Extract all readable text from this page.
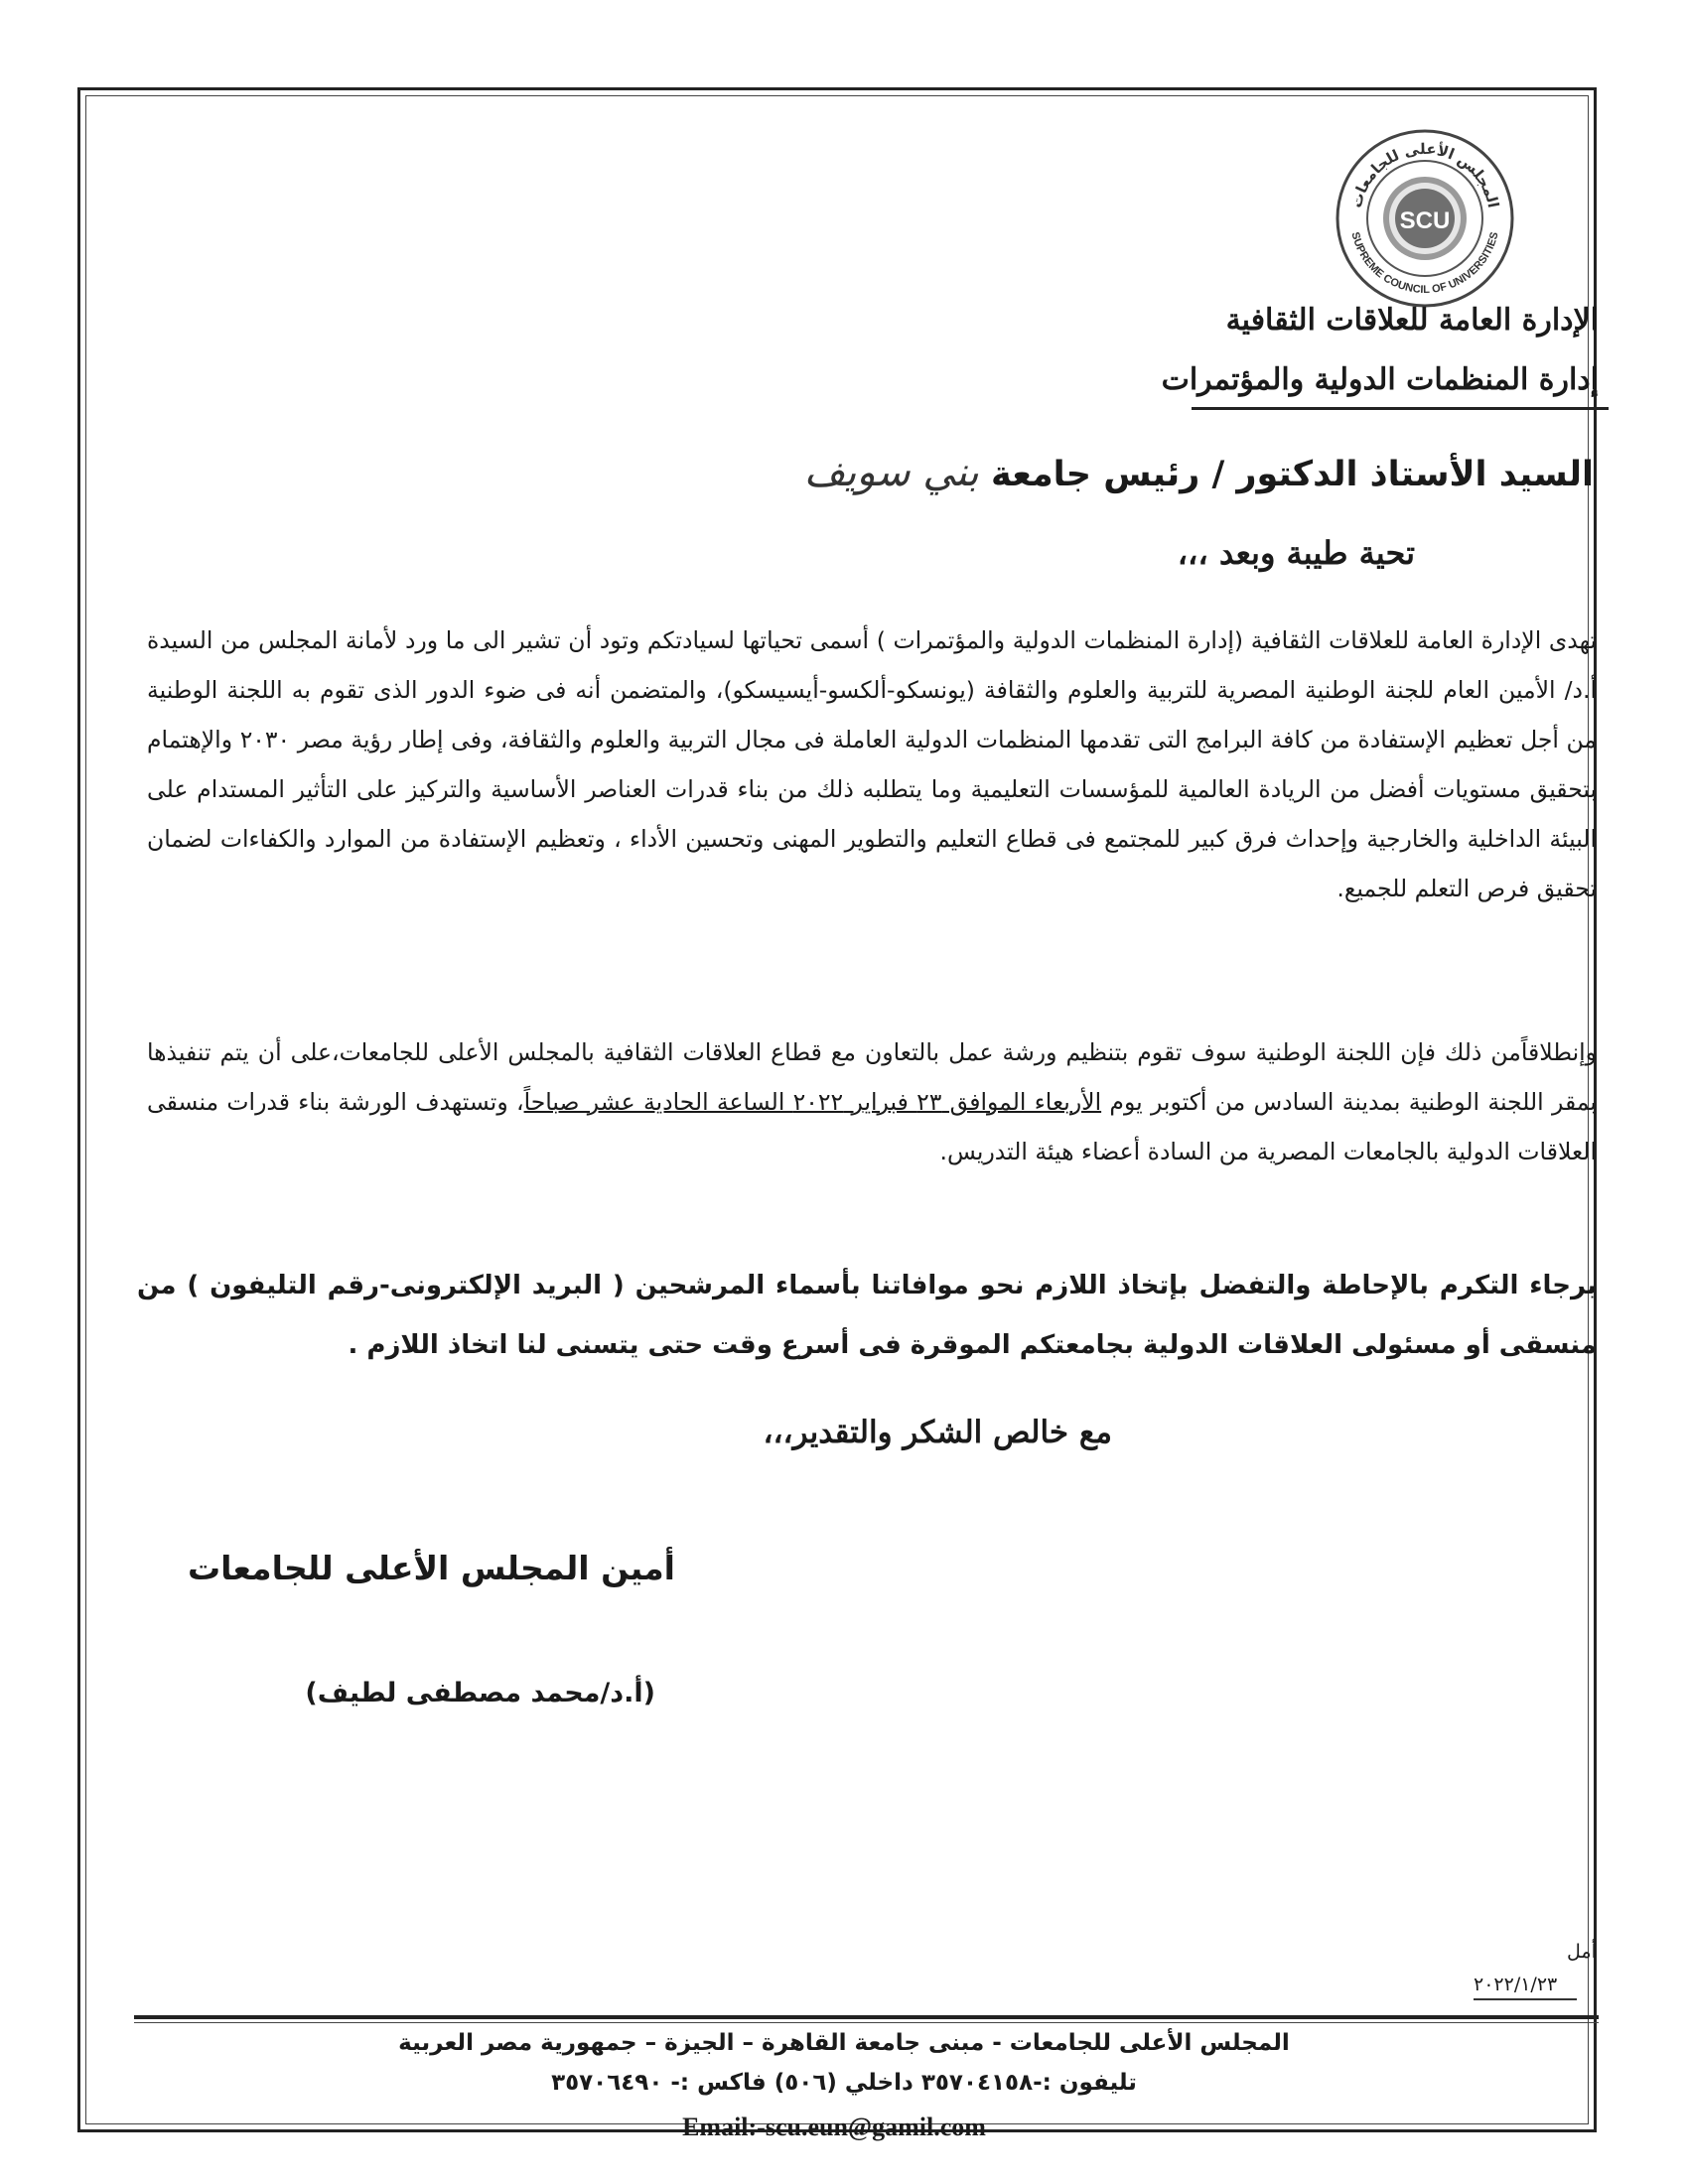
SCU
المجلس الأعلى للجامعات
SUPREME COUNCIL OF UNIVERSITIES
الإدارة العامة للعلاقات الثقافية
إدارة المنظمات الدولية والمؤتمرات
السيد الأستاذ الدكتور / رئيس جامعة بني سويف
تحية طيبة وبعد ،،،
تهدى الإدارة العامة للعلاقات الثقافية (إدارة المنظمات الدولية والمؤتمرات ) أسمى تحياتها لسيادتكم وتود أن تشير الى ما ورد لأمانة المجلس من السيدة أ.د/ الأمين العام للجنة الوطنية المصرية للتربية والعلوم والثقافة (يونسكو-ألكسو-أيسيسكو)، والمتضمن أنه فى ضوء الدور الذى تقوم به اللجنة الوطنية من أجل تعظيم الإستفادة من كافة البرامج التى تقدمها المنظمات الدولية العاملة فى مجال التربية والعلوم والثقافة، وفى إطار رؤية مصر ٢٠٣٠ والإهتمام بتحقيق مستويات أفضل من الريادة العالمية للمؤسسات التعليمية وما يتطلبه ذلك من بناء قدرات العناصر الأساسية والتركيز على التأثير المستدام على البيئة الداخلية والخارجية وإحداث فرق كبير للمجتمع فى قطاع التعليم والتطوير المهنى وتحسين الأداء ، وتعظيم الإستفادة من الموارد والكفاءات لضمان تحقيق فرص التعلم للجميع.
وإنطلاقاًمن ذلك فإن اللجنة الوطنية سوف تقوم بتنظيم ورشة عمل بالتعاون مع قطاع العلاقات الثقافية بالمجلس الأعلى للجامعات،على أن يتم تنفيذها بمقر اللجنة الوطنية بمدينة السادس من أكتوبر يوم الأربعاء الموافق ٢٣ فبراير ٢٠٢٢ الساعة الحادية عشر صباحاً، وتستهدف الورشة بناء قدرات منسقى العلاقات الدولية بالجامعات المصرية من السادة أعضاء هيئة التدريس.
برجاء التكرم بالإحاطة والتفضل بإتخاذ اللازم نحو موافاتنا بأسماء المرشحين ( البريد الإلكترونى-رقم التليفون ) من منسقى أو مسئولى العلاقات الدولية بجامعتكم الموقرة فى أسرع وقت حتى يتسنى لنا اتخاذ اللازم .
مع خالص الشكر والتقدير،،،
أمين المجلس الأعلى للجامعات
(أ.د/محمد مصطفى لطيف)
أمل
٢٠٢٢/١/٢٣
المجلس الأعلى للجامعات - مبنى جامعة القاهرة – الجيزة – جمهورية مصر العربية
تليفون :-٣٥٧٠٤١٥٨ داخلي (٥٠٦) فاكس :- ٣٥٧٠٦٤٩٠
Email:-scu.eun@gamil.com
